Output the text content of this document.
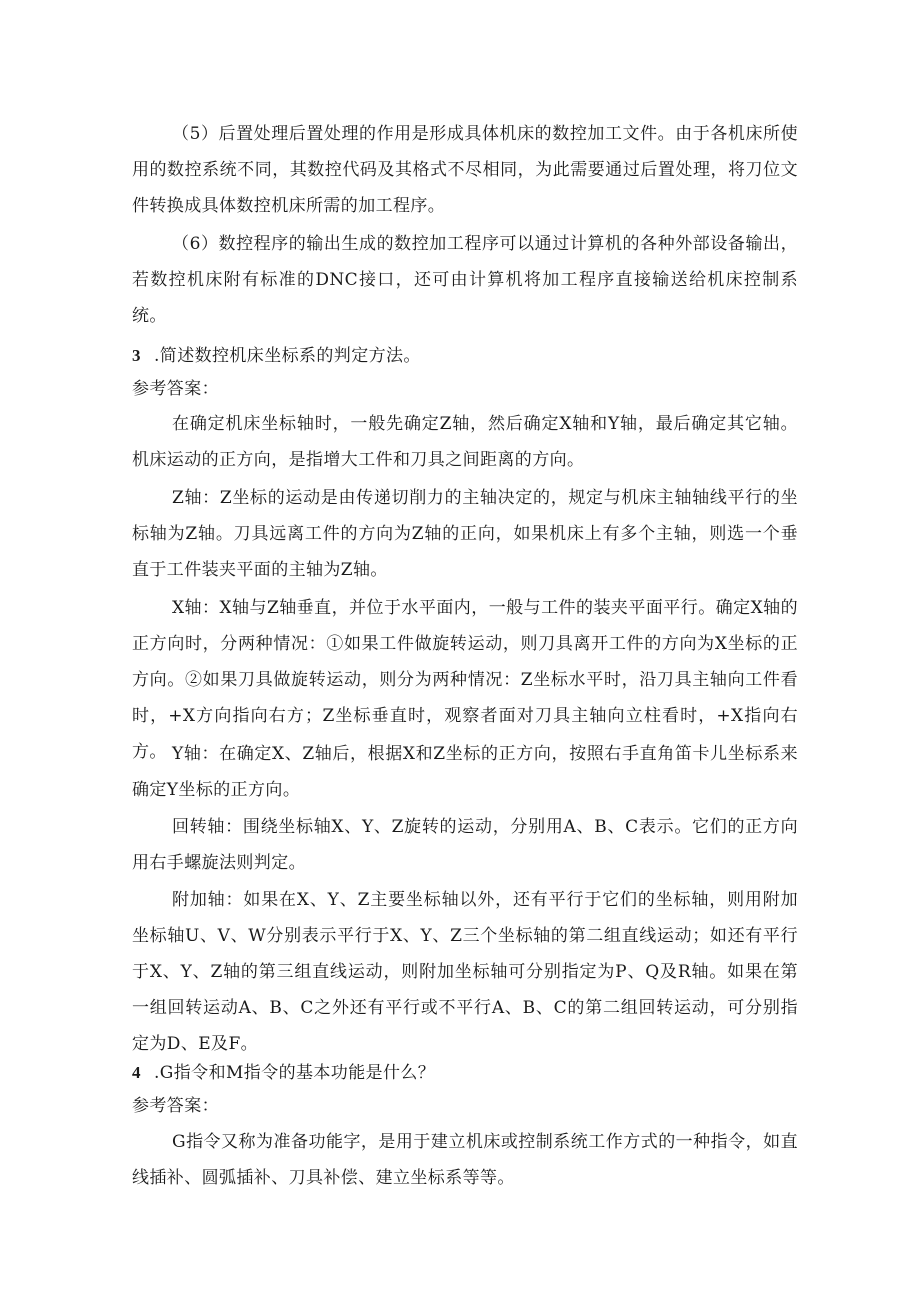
（5）后置处理后置处理的作用是形成具体机床的数控加工文件。由于各机床所使用的数控系统不同，其数控代码及其格式不尽相同，为此需要通过后置处理，将刀位文件转换成具体数控机床所需的加工程序。

（6）数控程序的输出生成的数控加工程序可以通过计算机的各种外部设备输出，若数控机床附有标准的DNC接口，还可由计算机将加工程序直接输送给机床控制系统。

3 .简述数控机床坐标系的判定方法。
参考答案：

在确定机床坐标轴时，一般先确定Z轴，然后确定X轴和Y轴，最后确定其它轴。机床运动的正方向，是指增大工件和刀具之间距离的方向。

Z轴：Z坐标的运动是由传递切削力的主轴决定的，规定与机床主轴轴线平行的坐标轴为Z轴。刀具远离工件的方向为Z轴的正向，如果机床上有多个主轴，则选一个垂直于工件装夹平面的主轴为Z轴。

X轴：X轴与Z轴垂直，并位于水平面内，一般与工件的装夹平面平行。确定X轴的正方向时，分两种情况：①如果工件做旋转运动，则刀具离开工件的方向为X坐标的正方向。②如果刀具做旋转运动，则分为两种情况：Z坐标水平时，沿刀具主轴向工件看时，+X方向指向右方；Z坐标垂直时，观察者面对刀具主轴向立柱看时，+X指向右方。 Y轴：在确定X、Z轴后，根据X和Z坐标的正方向，按照右手直角笛卡儿坐标系来确定Y坐标的正方向。

回转轴：围绕坐标轴X、Y、Z旋转的运动，分别用A、B、C表示。它们的正方向用右手螺旋法则判定。

附加轴：如果在X、Y、Z主要坐标轴以外，还有平行于它们的坐标轴，则用附加坐标轴U、V、W分别表示平行于X、Y、Z三个坐标轴的第二组直线运动；如还有平行于X、Y、Z轴的第三组直线运动，则附加坐标轴可分别指定为P、Q及R轴。如果在第一组回转运动A、B、C之外还有平行或不平行A、B、C的第二组回转运动，可分别指定为D、E及F。

4 .G指令和M指令的基本功能是什么？
参考答案：

G指令又称为准备功能字，是用于建立机床或控制系统工作方式的一种指令，如直线插补、圆弧插补、刀具补偿、建立坐标系等等。
